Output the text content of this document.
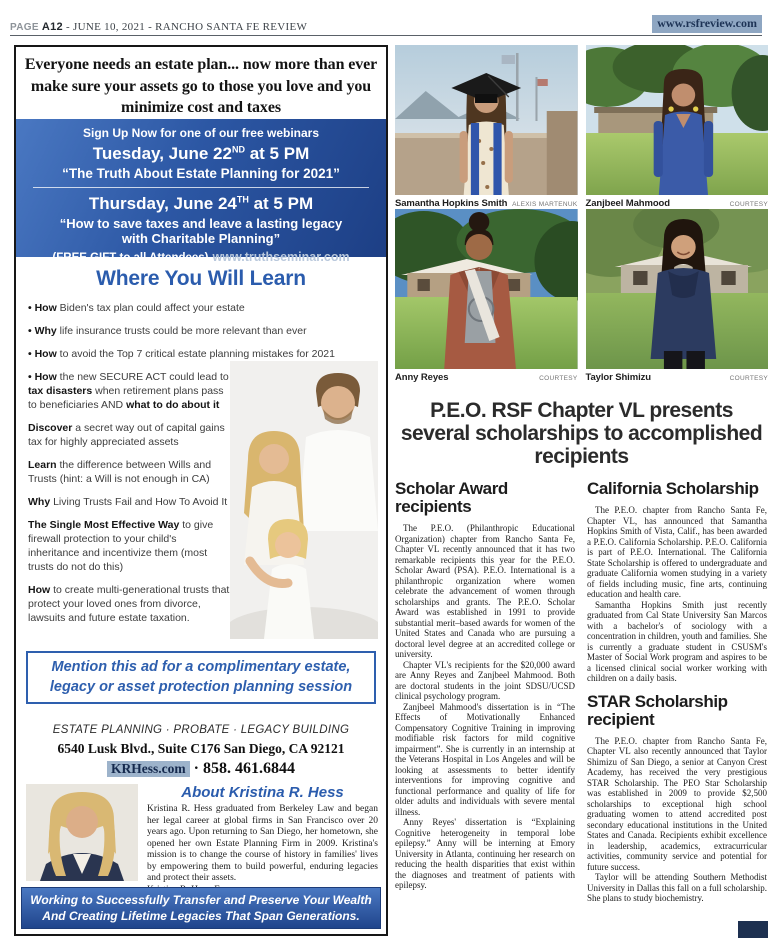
PAGE A12 - JUNE 10, 2021 - RANCHO SANTA FE REVIEW	www.rsfreview.com
Everyone needs an estate plan... now more than ever make sure your assets go to those you love and you minimize cost and taxes
Sign Up Now for one of our free webinars
Tuesday, June 22ND at 5 PM
“The Truth About Estate Planning for 2021”
Thursday, June 24TH at 5 PM
“How to save taxes and leave a lasting legacy with Charitable Planning”
(FREE GIFT to all Attendees) www.truthseminar.com
Where You Will Learn
• How Biden's tax plan could affect your estate
• Why life insurance trusts could be more relevant than ever
• How to avoid the Top 7 critical estate planning mistakes for 2021
• How the new SECURE ACT could lead to tax disasters when retirement plans pass to beneficiaries AND what to do about it
Discover a secret way out of capital gains tax for highly appreciated assets
Learn the difference between Wills and Trusts (hint: a Will is not enough in CA)
Why Living Trusts Fail and How To Avoid It
The Single Most Effective Way to give firewall protection to your child's inheritance and incentivize them (most trusts do not do this)
How to create multi-generational trusts that protect your loved ones from divorce, lawsuits and future estate taxation.
Mention this ad for a complimentary estate, legacy or asset protection planning session
ESTATE PLANNING · PROBATE · LEGACY BUILDING
6540 Lusk Blvd., Suite C176 San Diego, CA 92121
KRHess.com · 858. 461.6844
About Kristina R. Hess

Kristina R. Hess graduated from Berkeley Law and began her legal career at global firms in San Francisco over 20 years ago. Upon returning to San Diego, her hometown, she opened her own Estate Planning Firm in 2009. Kristina's mission is to change the course of history in families' lives by empowering them to build powerful, enduring legacies and protect their assets.

Working to Successfully Transfer and Preserve Your Wealth
And Creating Lifetime Legacies That Span Generations.
Samantha Hopkins Smith ALEXIS MARTENUK Zanjbeel Mahmood	COURTESY
Anny Reyes	COURTESY Taylor Shimizu	COURTESY
P.E.O. RSF Chapter VL presents several scholarships to accomplished recipients
Scholar Award recipients

The P.E.O. (Philanthropic Educational Organization) chapter from Rancho Santa Fe, Chapter VL recently announced that it has two remarkable recipients this year for the P.E.O. Scholar Award (PSA). P.E.O. International is a philanthropic organization where women celebrate the advancement of women through scholarships and grants. The P.E.O. Scholar Award was established in 1991 to provide substantial merit–based awards for women of the United States and Canada who are pursuing a doctoral level degree at an accredited college or university.

Chapter VL's recipients for the $20,000 award are Anny Reyes and Zanjbeel Mahmood. Both are doctoral students in the joint SDSU/UCSD clinical psychology program.

Zanjbeel Mahmood's dissertation is in “The Effects of Motivationally Enhanced Compensatory Cognitive Training in improving modifiable risk factors for mild cognitive impairment”. She is currently in an internship at the Veterans Hospital in Los Angeles and will be looking at assessments to better identify interventions for improving cognitive and functional performance and quality of life for older adults and individuals with severe mental illness.

Anny Reyes' dissertation is “Explaining Cognitive heterogeneity in temporal lobe epilepsy.” Anny will be interning at Emory University in Atlanta, continuing her research on reducing the health disparities that exist within the diagnoses and treatment of patients with epilepsy.

California Scholarship

The P.E.O. chapter from Rancho Santa Fe, Chapter VL, has announced that Samantha Hopkins Smith of Vista, Calif., has been awarded a P.E.O. California Scholarship. P.E.O. California is part of P.E.O. International. The California State Scholarship is offered to undergraduate and graduate California women studying in a variety of fields including music, fine arts, continuing education and health care.

Samantha Hopkins Smith just recently graduated from Cal State University San Marcos with a bachelor's of sociology with a concentration in children, youth and families. She is currently a graduate student in CSUSM's Master of Social Work program and aspires to be a licensed clinical social worker working with children on a daily basis.

STAR Scholarship recipient

The P.E.O. chapter from Rancho Santa Fe, Chapter VL also recently announced that Taylor Shimizu of San Diego, a senior at Canyon Crest Academy, has received the very prestigious STAR Scholarship. The PEO Star Scholarship was established in 2009 to provide $2,500 scholarships to exceptional high school graduating women to attend accredited post secondary educational institutions in the United States and Canada. Recipients exhibit excellence in leadership, academics, extracurricular activities, community service and potential for future success.

Taylor will be attending Southern Methodist University in Dallas this fall on a full scholarship. She plans to study biochemistry.
